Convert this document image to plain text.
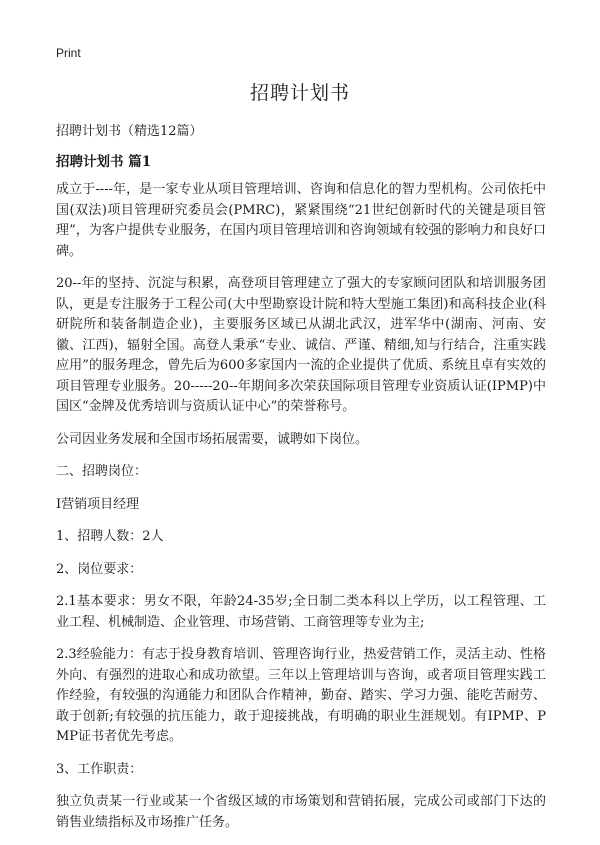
Print
招聘计划书
招聘计划书（精选12篇）
招聘计划书 篇1

成立于----年，是一家专业从项目管理培训、咨询和信息化的智力型机构。公司依托中国(双法)项目管理研究委员会(PMRC)，紧紧围绕“21世纪创新时代的关键是项目管理”，为客户提供专业服务，在国内项目管理培训和咨询领域有较强的影响力和良好口碑。

20--年的坚持、沉淀与积累，高登项目管理建立了强大的专家顾问团队和培训服务团队，更是专注服务于工程公司(大中型勘察设计院和特大型施工集团)和高科技企业(科研院所和装备制造企业)，主要服务区域已从湖北武汉，进军华中(湖南、河南、安徽、江西)，辐射全国。高登人秉承“专业、诚信、严谨、精细,知与行结合，注重实践应用”的服务理念，曾先后为600多家国内一流的企业提供了优质、系统且卓有实效的项目管理专业服务。20-----20--年期间多次荣获国际项目管理专业资质认证(IPMP)中国区“金牌及优秀培训与资质认证中心”的荣誉称号。

公司因业务发展和全国市场拓展需要，诚聘如下岗位。

二、招聘岗位：

I营销项目经理

1、招聘人数：2人

2、岗位要求：

2.1基本要求：男女不限，年龄24-35岁;全日制二类本科以上学历，以工程管理、工业工程、机械制造、企业管理、市场营销、工商管理等专业为主;

2.3经验能力：有志于投身教育培训、管理咨询行业，热爱营销工作，灵活主动、性格外向、有强烈的进取心和成功欲望。三年以上管理培训与咨询，或者项目管理实践工作经验，有较强的沟通能力和团队合作精神，勤奋、踏实、学习力强、能吃苦耐劳、敢于创新;有较强的抗压能力，敢于迎接挑战，有明确的职业生涯规划。有IPMP、PMP证书者优先考虑。

3、工作职责：

独立负责某一行业或某一个省级区域的市场策划和营销拓展，完成公司或部门下达的销售业绩指标及市场推广任务。
